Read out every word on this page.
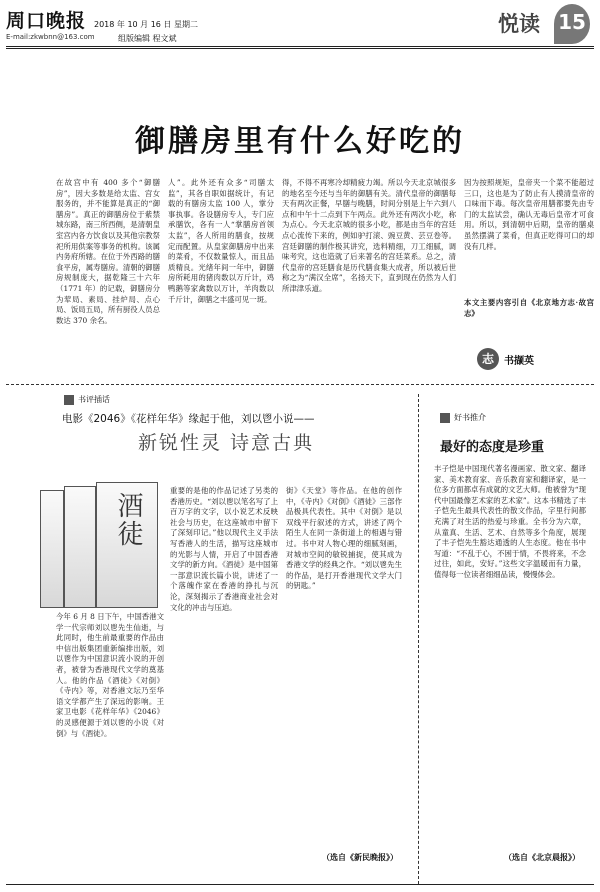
周口晚报
E-mail:zkwbnn@163.com
2018 年 10 月 16 日 星期二
组版编辑 程文斌
悦读 15
御膳房里有什么好吃的
在故宫中有 400 多个“御膳房”，因大多数是给太监、宫女服务的，并不能算是真正的“御膳房”。真正的御膳房位于紫禁城东路，南三所西侧，是清朝皇室宫内各方饮食以及其他宗教祭祀所用供案等事务的机构。该属内务府所辖。在位于外西路的膳食平房，属寿膳房。清朝的御膳房规制庞大，据乾隆三十六年（1771 年）的记载，御膳房分为荤局、素局、挂炉局、点心局、饭局五局，所有厨役人员总数达 370 余名。
人”。此外还有众多“司膳太监”，其各自职如据统计，有记载的有膳房太监 100 人，掌分事执事。各设膳房专人，专门应承膳饮，各有一人“掌膳房首领太监”，各人所用的膳食，按规定而配置。从皇家御膳房中出来的菜肴，不仅数量惊人，而且品质精良。光绪年间一年中，御膳房所耗用的猪肉数以万斤计，鸡鸭鹅等家禽数以万计，羊肉数以千斤计，御膳之丰盛可见一斑。
得，不得不再寒冷却精疲力竭。所以今天北京城很多的地名至今还与当年的御膳有关。清代皇帝的御膳每天有两次正餐，早膳与晚膳，时间分别是上午六到八点和中午十二点到下午两点。此外还有两次小吃，称为点心。今天北京城的很多小吃，都是由当年的宫廷点心流传下来的，例如驴打滚、豌豆黄、芸豆卷等。宫廷御膳的制作极其讲究，选料精细，刀工细腻，调味考究，这也造就了后来著名的宫廷菜系。总之，清代皇帝的宫廷膳食是历代膳食集大成者，所以被后世称之为“满汉全席”，名扬天下，直到现在仍然为人们所津津乐道。
因为按照规矩，皇帝夹一个菜不能超过三口，这也是为了防止有人摸清皇帝的口味而下毒。每次皇帝用膳都要先由专门的太监试尝，确认无毒后皇帝才可食用。所以，到清朝中后期，皇帝的膳桌虽然摆满了菜肴，但真正吃得可口的却没有几样。
本文主要内容引自《北京地方志·故宫志》
志	书撷英
书评插话
电影《2046》《花样年华》缘起于他，刘以鬯小说——
新锐性灵 诗意古典
酒徒
今年 6 月 8 日下午，中国香港文学一代宗师刘以鬯先生仙逝，与此同时，他生前最重要的作品由中信出版集团重新编排出版，刘以鬯作为中国意识流小说的开创者，被誉为香港现代文学的奠基人。他的作品《酒徒》《对倒》《寺内》等，对香港文坛乃至华语文学都产生了深远的影响。王家卫电影《花样年华》《2046》的灵感便源于刘以鬯的小说《对倒》与《酒徒》。
重要的是他的作品记述了另类的香港历史。“刘以鬯以笔名写了上百万字的文字，以小说艺术反映社会与历史，在这座城市中留下了深刻印记。”他以现代主义手法写香港人的生活，描写这座城市的光影与人情，开启了中国香港文学的新方向。《酒徒》是中国第一部意识流长篇小说，讲述了一个落魄作家在香港的挣扎与沉沦，深刻揭示了香港商业社会对文化的冲击与压迫。
街》《天堂》等作品。在他的创作中，《寺内》《对倒》《酒徒》三部作品极具代表性。其中《对倒》是以双线平行叙述的方式，讲述了两个陌生人在同一条街道上的相遇与错过。书中对人物心理的细腻刻画，对城市空间的敏锐捕捉，使其成为香港文学的经典之作。“刘以鬯先生的作品，是打开香港现代文学大门的钥匙。”
（选自《新民晚报》）
好书推介
最好的态度是珍重
丰子恺是中国现代著名漫画家、散文家、翻译家、美术教育家、音乐教育家和翻译家，是一位多方面都卓有成就的文艺大师。他被誉为“现代中国最像艺术家的艺术家”。这本书精选了丰子恺先生最具代表性的散文作品，字里行间都充满了对生活的热爱与珍重。全书分为六章，从童真、生活、艺术、自然等多个角度，展现了丰子恺先生豁达通透的人生态度。他在书中写道：“不乱于心，不困于情，不畏将来，不念过往，如此，安好。”这些文字温暖而有力量，值得每一位读者细细品读，慢慢体会。
（选自《北京晨报》）
